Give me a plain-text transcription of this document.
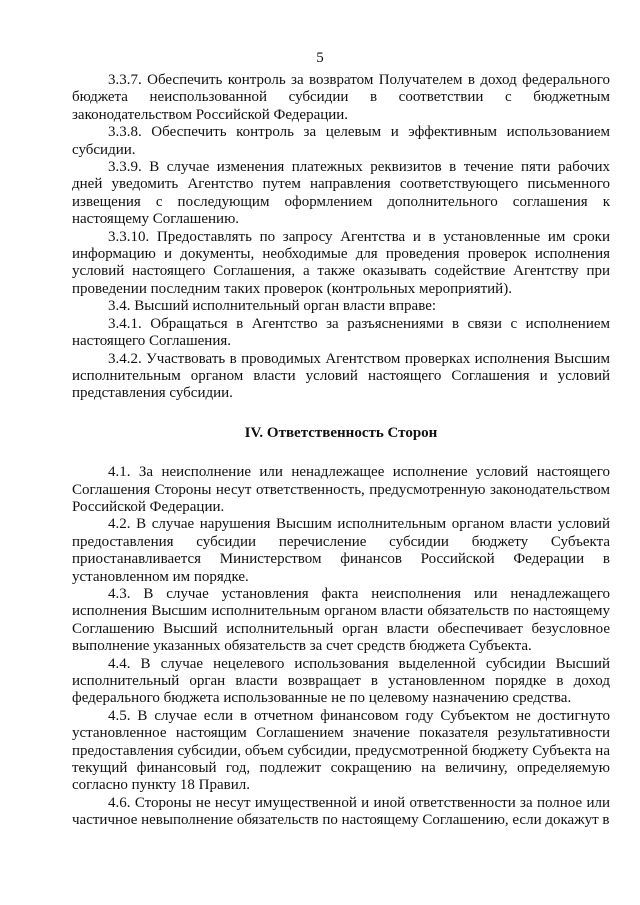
5

3.3.7. Обеспечить контроль за возвратом Получателем в доход федерального бюджета неиспользованной субсидии в соответствии с бюджетным законодательством Российской Федерации.

3.3.8. Обеспечить контроль за целевым и эффективным использованием субсидии.

3.3.9. В случае изменения платежных реквизитов в течение пяти рабочих дней уведомить Агентство путем направления соответствующего письменного извещения с последующим оформлением дополнительного соглашения к настоящему Соглашению.

3.3.10. Предоставлять по запросу Агентства и в установленные им сроки информацию и документы, необходимые для проведения проверок исполнения условий настоящего Соглашения, а также оказывать содействие Агентству при проведении последним таких проверок (контрольных мероприятий).

3.4. Высший исполнительный орган власти вправе:

3.4.1. Обращаться в Агентство за разъяснениями в связи с исполнением настоящего Соглашения.

3.4.2. Участвовать в проводимых Агентством проверках исполнения Высшим исполнительным органом власти условий настоящего Соглашения и условий представления субсидии.

IV. Ответственность Сторон

4.1. За неисполнение или ненадлежащее исполнение условий настоящего Соглашения Стороны несут ответственность, предусмотренную законодательством Российской Федерации.

4.2. В случае нарушения Высшим исполнительным органом власти условий предоставления субсидии перечисление субсидии бюджету Субъекта приостанавливается Министерством финансов Российской Федерации в установленном им порядке.

4.3. В случае установления факта неисполнения или ненадлежащего исполнения Высшим исполнительным органом власти обязательств по настоящему Соглашению Высший исполнительный орган власти обеспечивает безусловное выполнение указанных обязательств за счет средств бюджета Субъекта.

4.4. В случае нецелевого использования выделенной субсидии Высший исполнительный орган власти возвращает в установленном порядке в доход федерального бюджета использованные не по целевому назначению средства.

4.5. В случае если в отчетном финансовом году Субъектом не достигнуто установленное настоящим Соглашением значение показателя результативности предоставления субсидии, объем субсидии, предусмотренной бюджету Субъекта на текущий финансовый год, подлежит сокращению на величину, определяемую согласно пункту 18 Правил.

4.6. Стороны не несут имущественной и иной ответственности за полное или частичное невыполнение обязательств по настоящему Соглашению, если докажут в
